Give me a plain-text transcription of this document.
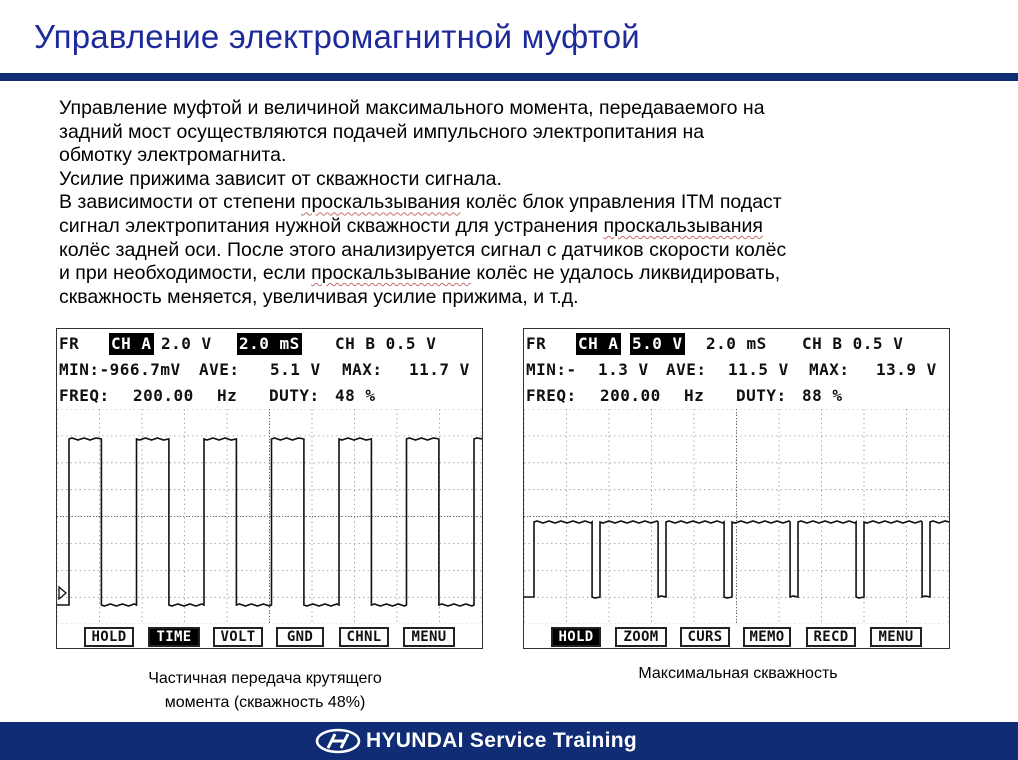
Управление электромагнитной муфтой

Управление муфтой и величиной максимального момента, передаваемого на

задний мост осуществляются подачей импульсного электропитания на

обмотку электромагнита.

Усилие прижима зависит от скважности сигнала.

В зависимости от степени проскальзывания колёс блок управления ITM подаст

сигнал электропитания нужной скважности для устранения проскальзывания

колёс задней оси. После этого анализируется сигнал с датчиков скорости колёс

и при необходимости, если проскальзывание колёс не удалось ликвидировать,

скважность меняется, увеличивая усилие прижима, и т.д.

FR CH A 2.0 V 2.0 mS CH B 0.5 V
MIN:-966.7mV AVE: 5.1 V MAX: 11.7 V
FREQ: 200.00 Hz DUTY: 48 %
HOLD	TIME	VOLT	GND	CHNL	MENU
FR CH A 5.0 V 2.0 mS CH B 0.5 V
MIN:- 1.3 V AVE: 11.5 V MAX: 13.9 V
FREQ: 200.00 Hz DUTY: 88 %
HOLD	ZOOM	CURS	MEMO	RECD	MENU

Частичная передача крутящего

момента (скважность 48%)

Максимальная скважность
HYUNDAI Service Training
